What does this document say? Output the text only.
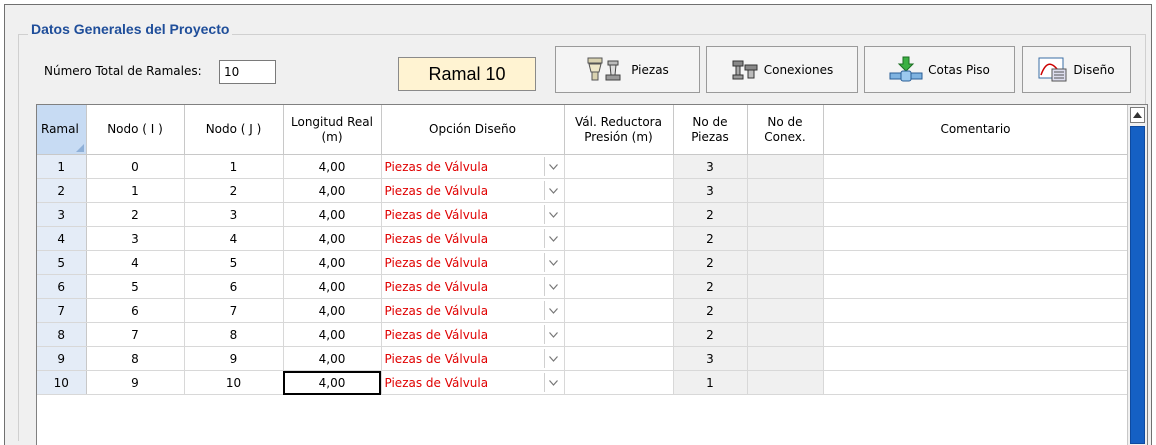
Datos Generales del Proyecto
Número Total de Ramales:	10	Ramal 10	Piezas	Conexiones	Cotas Piso	Diseño
Ramal	Nodo ( I )	Nodo ( J )	Longitud Real (m)	Opción Diseño	Vál. Reductora Presión (m)	No de Piezas	No de Conex.	Comentario
1	0	1	4,00	Piezas de Válvula		3		
2	1	2	4,00	Piezas de Válvula		3		
3	2	3	4,00	Piezas de Válvula		2		
4	3	4	4,00	Piezas de Válvula		2		
5	4	5	4,00	Piezas de Válvula		2		
6	5	6	4,00	Piezas de Válvula		2		
7	6	7	4,00	Piezas de Válvula		2		
8	7	8	4,00	Piezas de Válvula		2		
9	8	9	4,00	Piezas de Válvula		3		
10	9	10	4,00	Piezas de Válvula		1		
